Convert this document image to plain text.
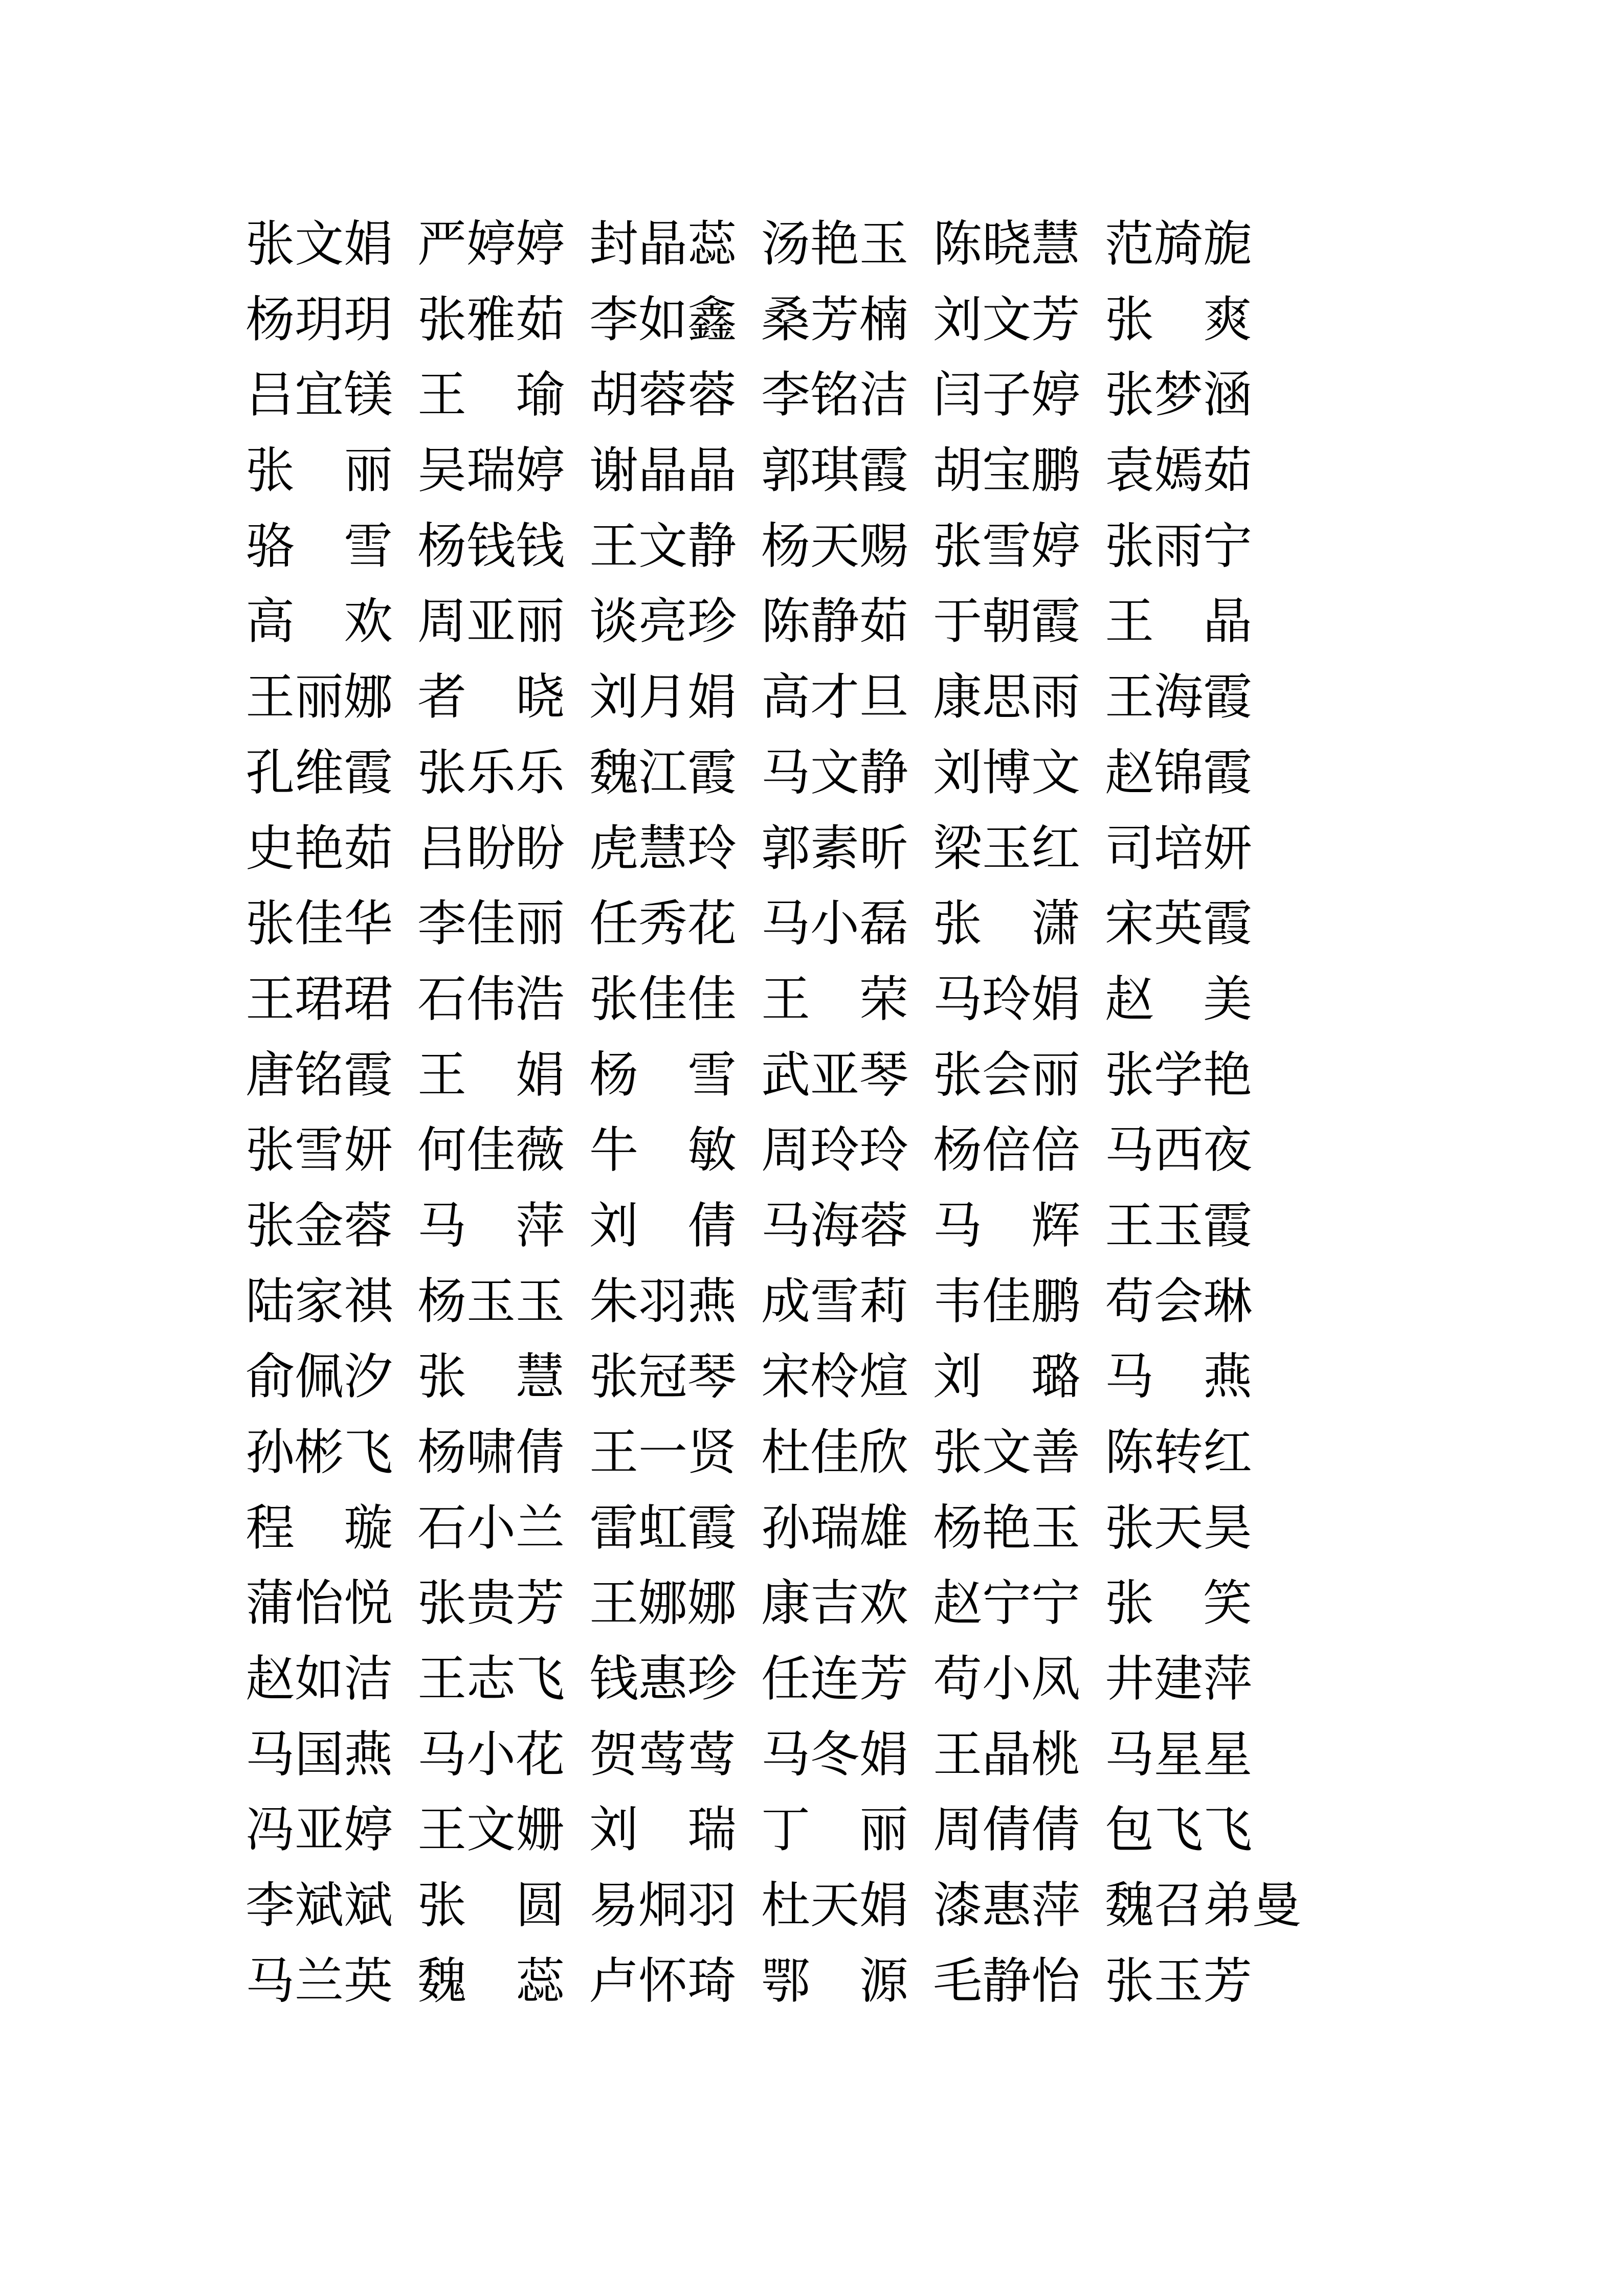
张文娟 严婷婷 封晶蕊 汤艳玉 陈晓慧 范旑旎
杨玥玥 张雅茹 李如鑫 桑芳楠 刘文芳 张　爽
吕宜镁 王　瑜 胡蓉蓉 李铭洁 闫子婷 张梦涵
张　丽 吴瑞婷 谢晶晶 郭琪霞 胡宝鹏 袁嫣茹
骆　雪 杨钱钱 王文静 杨天赐 张雪婷 张雨宁
高　欢 周亚丽 谈亮珍 陈静茹 于朝霞 王　晶
王丽娜 者　晓 刘月娟 高才旦 康思雨 王海霞
孔维霞 张乐乐 魏江霞 马文静 刘博文 赵锦霞
史艳茹 吕盼盼 虎慧玲 郭素昕 梁玉红 司培妍
张佳华 李佳丽 任秀花 马小磊 张　潇 宋英霞
王珺珺 石伟浩 张佳佳 王　荣 马玲娟 赵　美
唐铭霞 王　娟 杨　雪 武亚琴 张会丽 张学艳
张雪妍 何佳薇 牛　敏 周玲玲 杨倍倍 马西夜
张金蓉 马　萍 刘　倩 马海蓉 马　辉 王玉霞
陆家祺 杨玉玉 朱羽燕 成雪莉 韦佳鹏 苟会琳
俞佩汐 张　慧 张冠琴 宋柃煊 刘　璐 马　燕
孙彬飞 杨啸倩 王一贤 杜佳欣 张文善 陈转红
程　璇 石小兰 雷虹霞 孙瑞雄 杨艳玉 张天昊
蒲怡悦 张贵芳 王娜娜 康吉欢 赵宁宁 张　笑
赵如洁 王志飞 钱惠珍 任连芳 苟小凤 井建萍
马国燕 马小花 贺莺莺 马冬娟 王晶桃 马星星
冯亚婷 王文姗 刘　瑞 丁　丽 周倩倩 包飞飞
李斌斌 张　圆 易烔羽 杜天娟 漆惠萍 魏召弟曼
马兰英 魏　蕊 卢怀琦 鄂　源 毛静怡 张玉芳
